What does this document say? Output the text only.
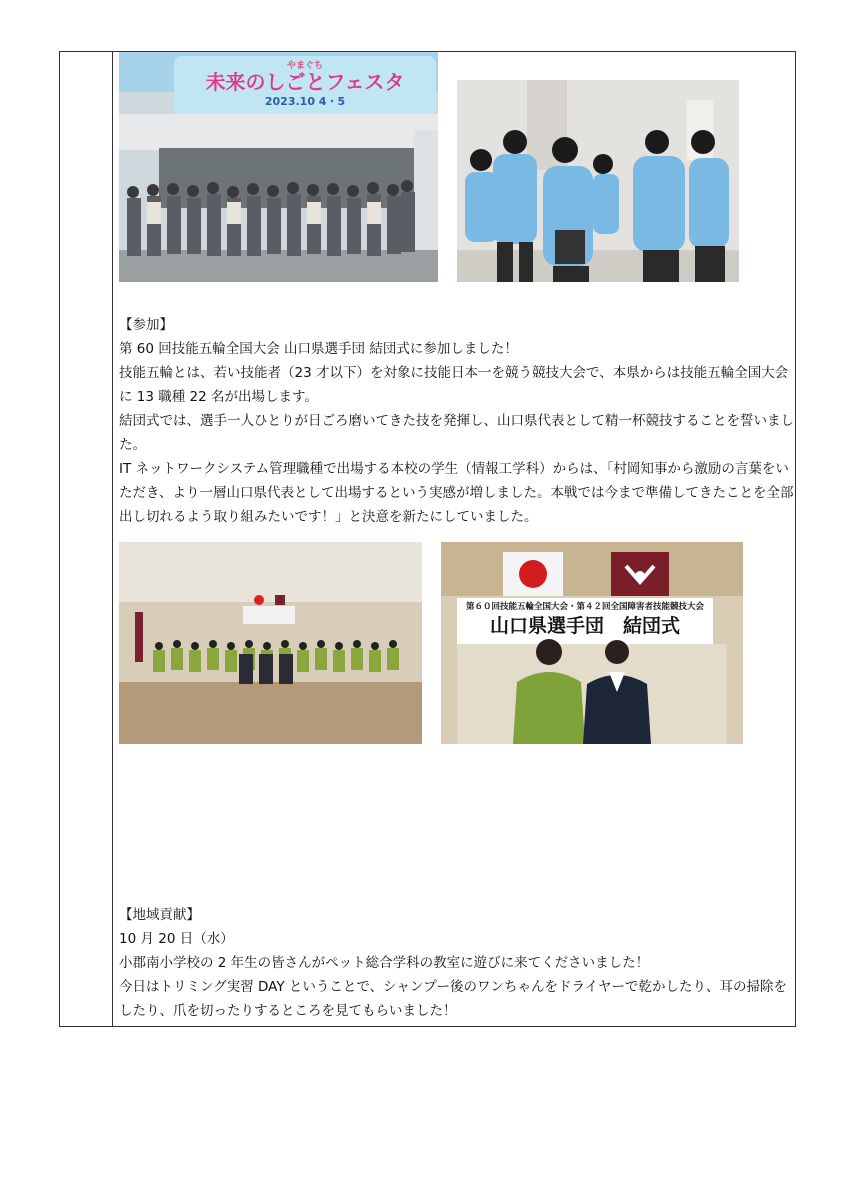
やまぐち
未来のしごとフェスタ
2023.10 4・5

【参加】

第 60 回技能五輪全国大会 山口県選手団 結団式に参加しました！

技能五輪とは、若い技能者（23 才以下）を対象に技能日本一を競う競技大会で、本県からは技能五輪全国大会に 13 職種 22 名が出場します。

結団式では、選手一人ひとりが日ごろ磨いてきた技を発揮し、山口県代表として精一杯競技することを誓いました。

IT ネットワークシステム管理職種で出場する本校の学生（情報工学科）からは、「村岡知事から激励の言葉をいただき、より一層山口県代表として出場するという実感が増しました。本戦では今まで準備してきたことを全部出し切れるよう取り組みたいです！」と決意を新たにしていました。

第６０回技能五輪全国大会・第４２回全国障害者技能競技大会
山口県選手団　結団式

【地域貢献】

10 月 20 日（水）

小郡南小学校の 2 年生の皆さんがペット総合学科の教室に遊びに来てくださいました！

今日はトリミング実習 DAY ということで、シャンプー後のワンちゃんをドライヤーで乾かしたり、耳の掃除をしたり、爪を切ったりするところを見てもらいました！
